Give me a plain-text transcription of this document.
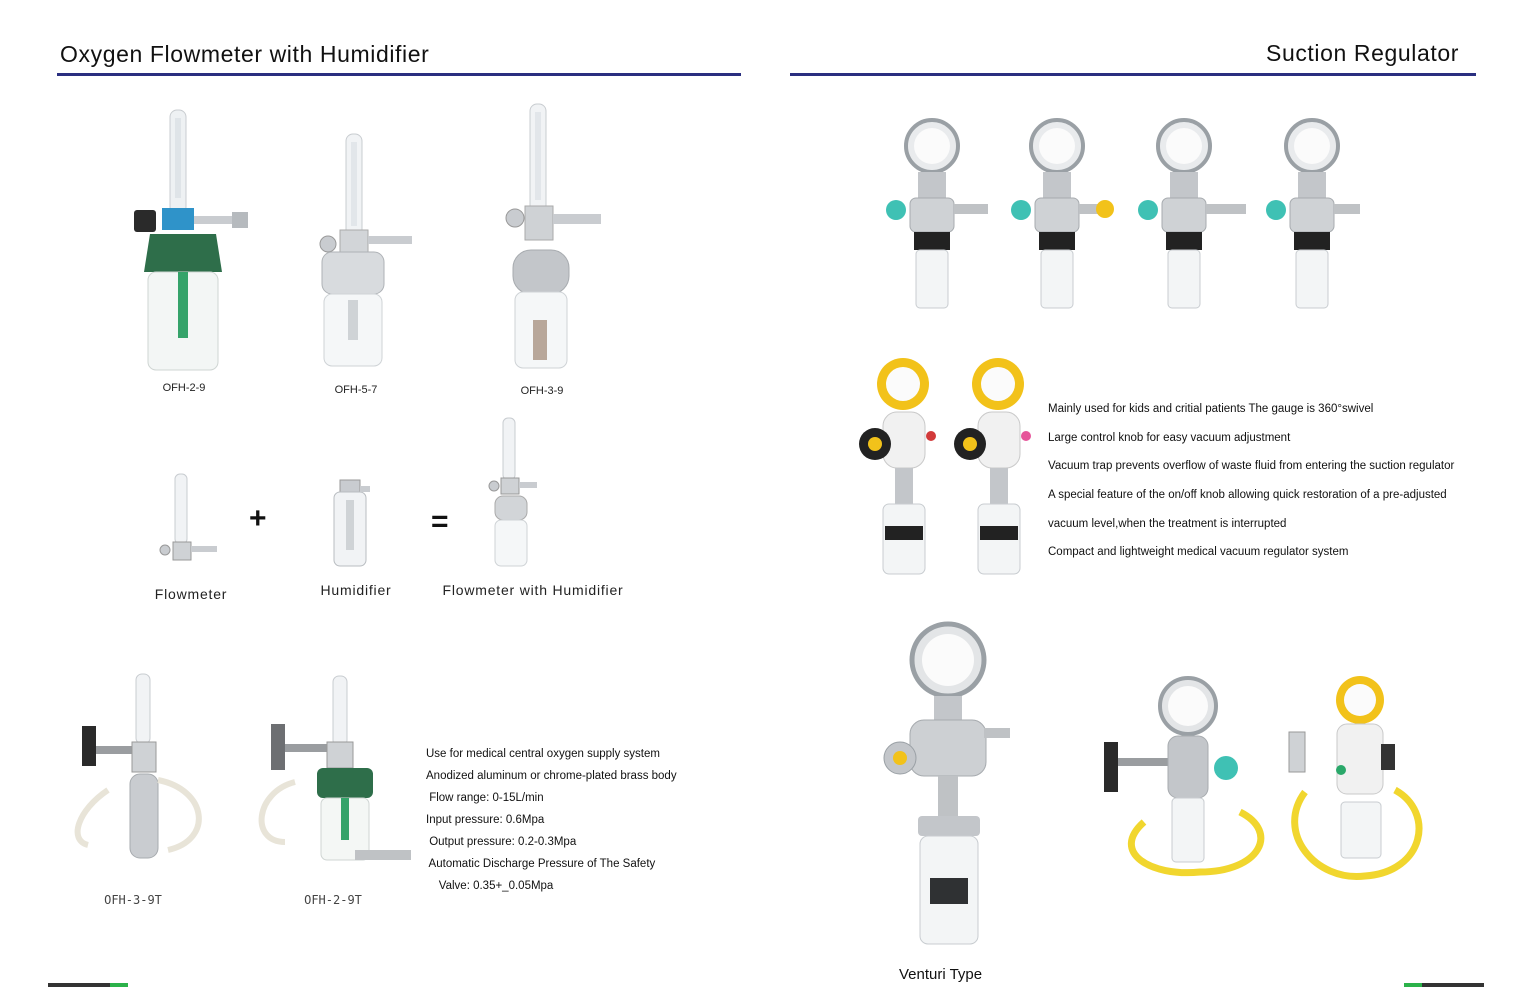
Oxygen Flowmeter with Humidifier
OFH-2-9	OFH-5-7	OFH-3-9
+	=
Flowmeter	Humidifier	Flowmeter with Humidifier
OFH-3-9T	OFH-2-9T
Use for medical central oxygen supply system
Anodized aluminum or chrome-plated brass body
Flow range: 0-15L/min
Input pressure: 0.6Mpa
Output pressure: 0.2-0.3Mpa
Automatic Discharge Pressure of The Safety
Valve: 0.35+_0.05Mpa
Suction Regulator
Mainly used for kids and critial patients The gauge is 360°swivel
Large control knob for easy vacuum adjustment
Vacuum trap prevents overflow of waste fluid from entering the suction regulator
A special feature of the on/off knob allowing quick restoration of a pre-adjusted
vacuum level,when the treatment is interrupted
Compact and lightweight medical vacuum regulator system
Venturi Type
